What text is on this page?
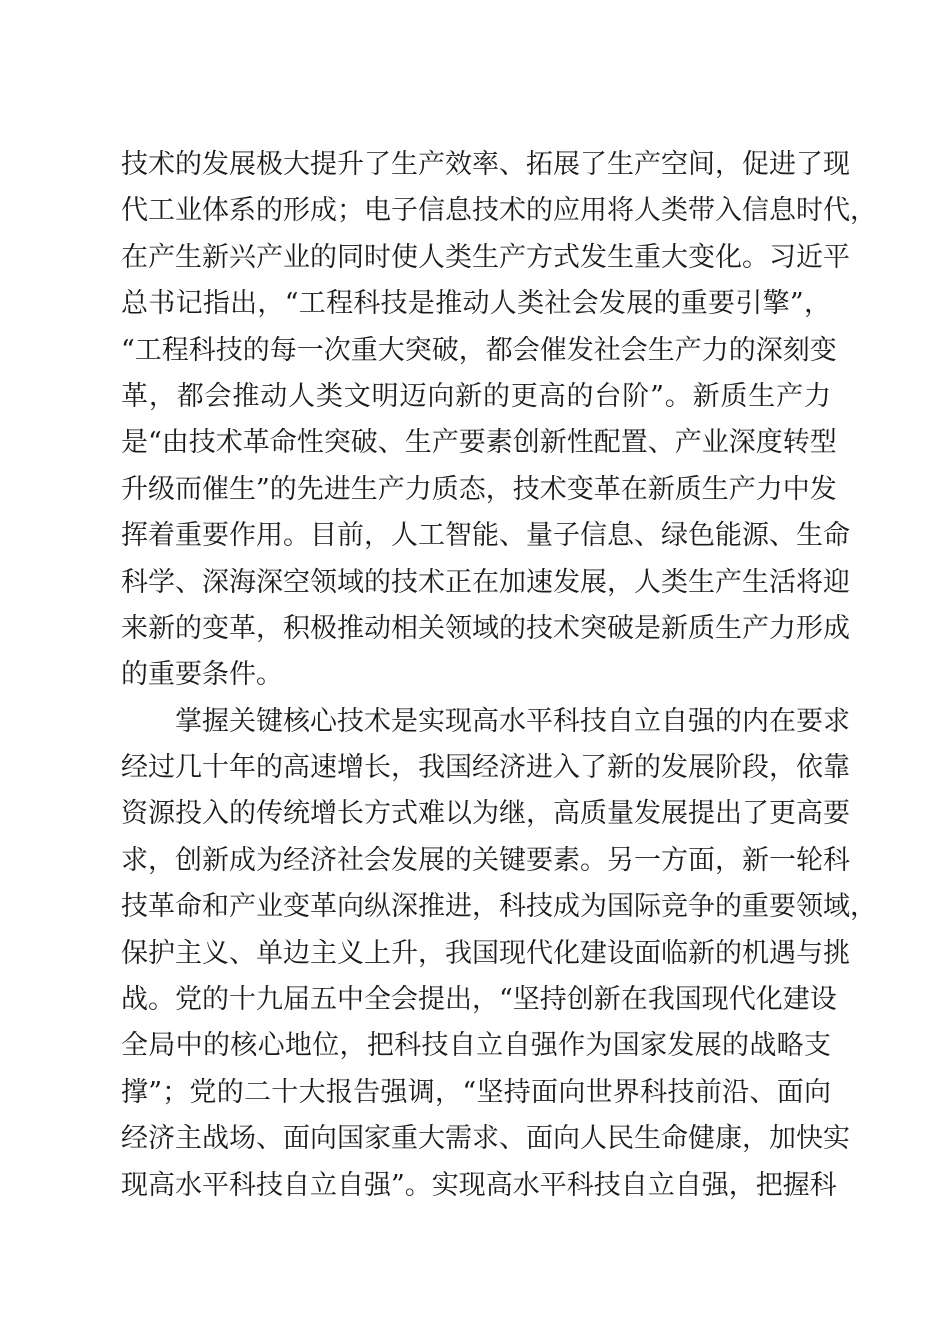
技术的发展极大提升了生产效率、拓展了生产空间，促进了现
代工业体系的形成；电子信息技术的应用将人类带入信息时代，
在产生新兴产业的同时使人类生产方式发生重大变化。习近平
总书记指出，“工程科技是推动人类社会发展的重要引擎”，
“工程科技的每一次重大突破，都会催发社会生产力的深刻变
革，都会推动人类文明迈向新的更高的台阶”。新质生产力
是“由技术革命性突破、生产要素创新性配置、产业深度转型
升级而催生”的先进生产力质态，技术变革在新质生产力中发
挥着重要作用。目前，人工智能、量子信息、绿色能源、生命
科学、深海深空领域的技术正在加速发展，人类生产生活将迎
来新的变革，积极推动相关领域的技术突破是新质生产力形成
的重要条件。
掌握关键核心技术是实现高水平科技自立自强的内在要求
经过几十年的高速增长，我国经济进入了新的发展阶段，依靠
资源投入的传统增长方式难以为继，高质量发展提出了更高要
求，创新成为经济社会发展的关键要素。另一方面，新一轮科
技革命和产业变革向纵深推进，科技成为国际竞争的重要领域，
保护主义、单边主义上升，我国现代化建设面临新的机遇与挑
战。党的十九届五中全会提出，“坚持创新在我国现代化建设
全局中的核心地位，把科技自立自强作为国家发展的战略支
撑”；党的二十大报告强调，“坚持面向世界科技前沿、面向
经济主战场、面向国家重大需求、面向人民生命健康，加快实
现高水平科技自立自强”。实现高水平科技自立自强，把握科
